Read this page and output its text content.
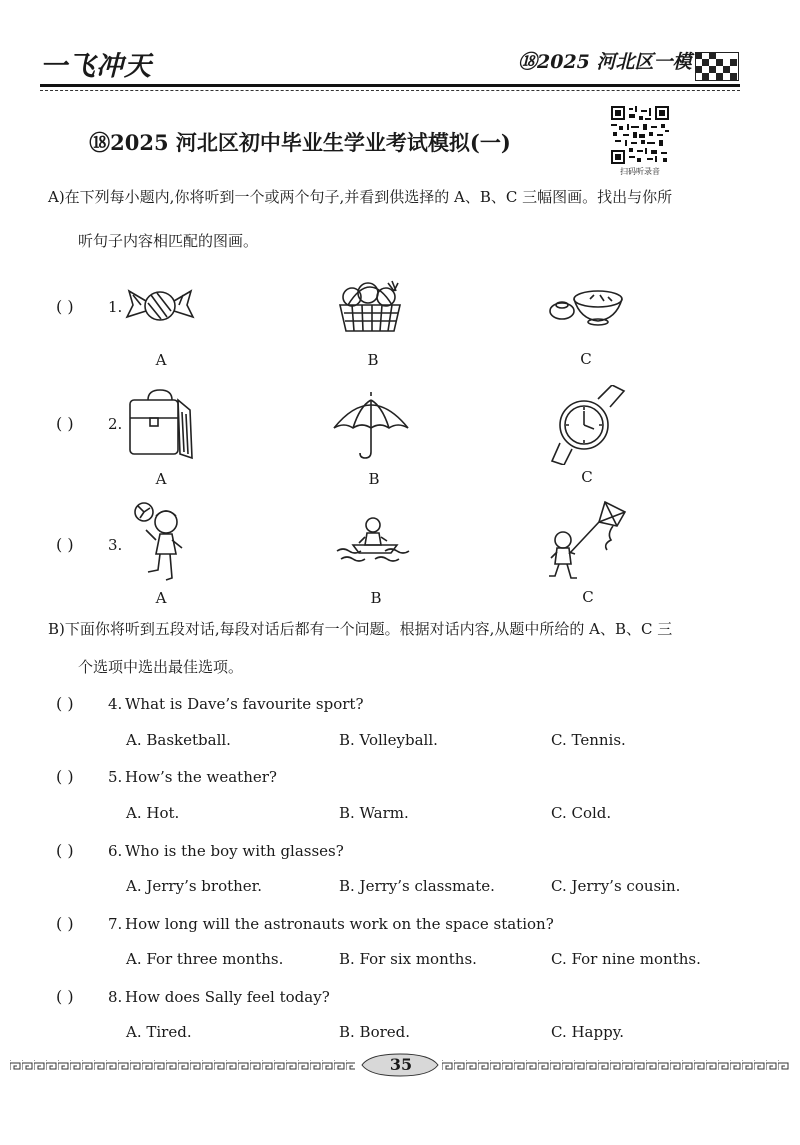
一飞冲天	⑱2025 河北区一模
⑱2025 河北区初中毕业生学业考试模拟(一)
扫码听录音
A)在下列每小题内,你将听到一个或两个句子,并看到供选择的 A、B、C 三幅图画。找出与你所
听句子内容相匹配的图画。
( ) 1.
A	B	C
( ) 2.
A	B	C
( ) 3.
A	B	C
B)下面你将听到五段对话,每段对话后都有一个问题。根据对话内容,从题中所给的 A、B、C 三
个选项中选出最佳选项。
( ) 4. What is Dave’s favourite sport?
A. Basketball.	B. Volleyball.	C. Tennis.
( ) 5. How’s the weather?
A. Hot.	B. Warm.	C. Cold.
( ) 6. Who is the boy with glasses?
A. Jerry’s brother.	B. Jerry’s classmate.	C. Jerry’s cousin.
( ) 7. How long will the astronauts work on the space station?
A. For three months.	B. For six months.	C. For nine months.
( ) 8. How does Sally feel today?
A. Tired.	B. Bored.	C. Happy.
35
